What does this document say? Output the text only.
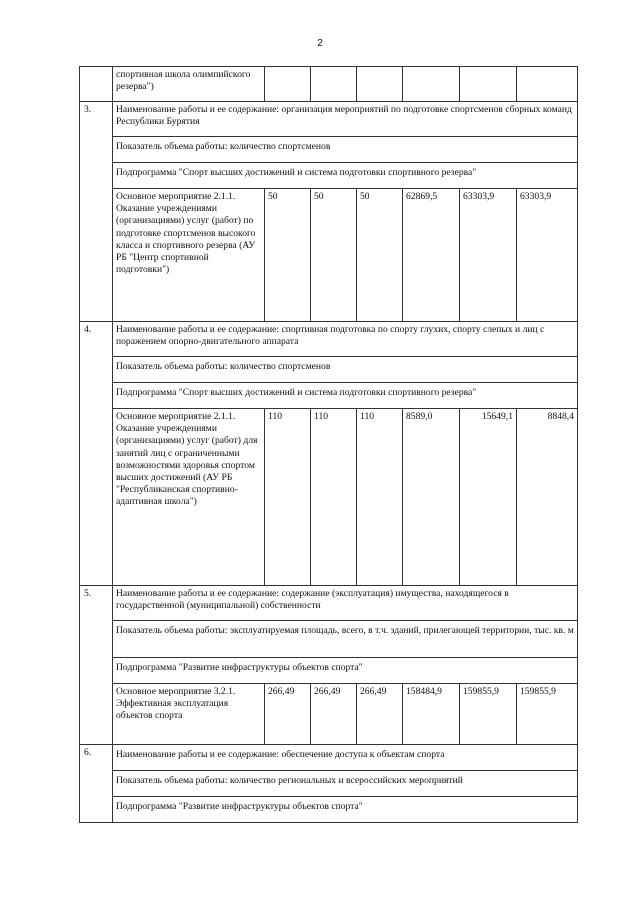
2
	спортивная школа олимпийского резерва")						
3.	Наименование работы и ее содержание: организация мероприятий по подготовке спортсменов сборных команд Республики Бурятия						
	Показатель объема работы: количество спортсменов						
	Подпрограмма "Спорт высших достижений и система подготовки спортивного резерва"						
	Основное мероприятие 2.1.1. Оказание учреждениями (организациями) услуг (работ) по подготовке спортсменов высокого класса и спортивного резерва (АУ РБ "Центр спортивной подготовки")	50	50	50	62869,5	63303,9	63303,9
4.	Наименование работы и ее содержание: спортивная подготовка по спорту глухих, спорту слепых и лиц с поражением опорно-двигательного аппарата						
	Показатель объема работы: количество спортсменов						
	Подпрограмма "Спорт высших достижений и система подготовки спортивного резерва"						
	Основное мероприятие 2.1.1. Оказание учреждениями (организациями) услуг (работ) для занятий лиц с ограниченными возможностями здоровья спортом высших достижений (АУ РБ "Республиканская спортивно-адаптивная школа")	110	110	110	8589,0	15649,1	8848,4
5.	Наименование работы и ее содержание: содержание (эксплуатация) имущества, находящегося в государственной (муниципальной) собственности						
	Показатель объема работы: эксплуатируемая площадь, всего, в т.ч. зданий, прилегающей территории, тыс. кв. м						
	Подпрограмма "Развитие инфраструктуры объектов спорта"						
	Основное мероприятие 3.2.1. Эффективная эксплуатация объектов спорта	266,49	266,49	266,49	158484,9	159855,9	159855,9
6.	Наименование работы и ее содержание: обеспечение доступа к объектам спорта						
	Показатель объема работы: количество региональных и всероссийских мероприятий						
	Подпрограмма "Развитие инфраструктуры объектов спорта"						
